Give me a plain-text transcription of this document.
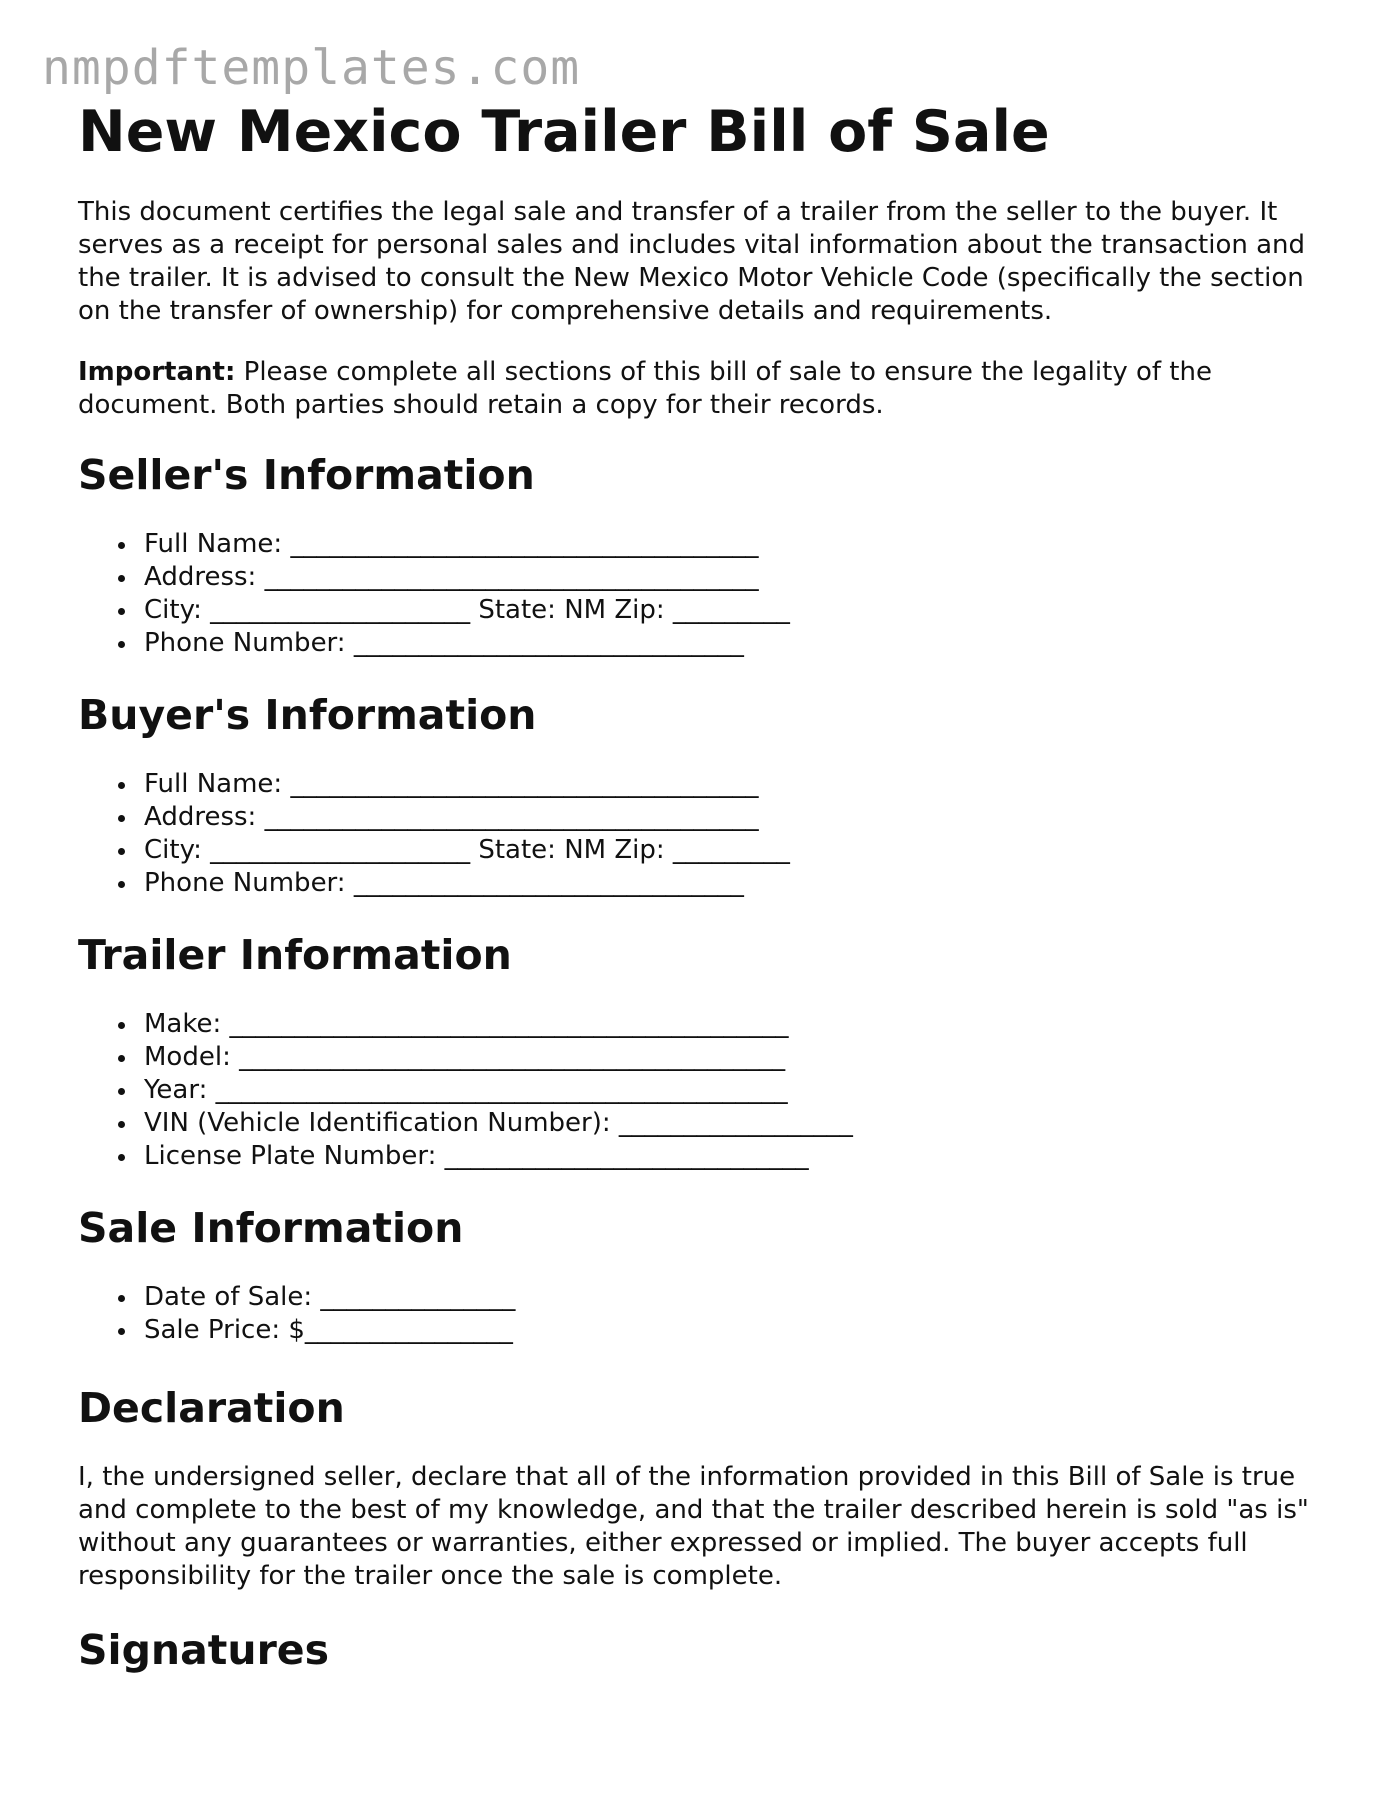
nmpdftemplates.com
New Mexico Trailer Bill of Sale

This document certifies the legal sale and transfer of a trailer from the seller to the buyer. It serves as a receipt for personal sales and includes vital information about the transaction and the trailer. It is advised to consult the New Mexico Motor Vehicle Code (specifically the section on the transfer of ownership) for comprehensive details and requirements.

Important: Please complete all sections of this bill of sale to ensure the legality of the document. Both parties should retain a copy for their records.

Seller's Information
Full Name: ____________________________________
Address: ______________________________________
City: ____________________ State: NM Zip: _________
Phone Number: ______________________________
Buyer's Information
Full Name: ____________________________________
Address: ______________________________________
City: ____________________ State: NM Zip: _________
Phone Number: ______________________________
Trailer Information
Make: ___________________________________________
Model: __________________________________________
Year: ____________________________________________
VIN (Vehicle Identification Number): __________________
License Plate Number: ____________________________
Sale Information
Date of Sale: _______________
Sale Price: $________________
Declaration

I, the undersigned seller, declare that all of the information provided in this Bill of Sale is true and complete to the best of my knowledge, and that the trailer described herein is sold "as is" without any guarantees or warranties, either expressed or implied. The buyer accepts full responsibility for the trailer once the sale is complete.

Signatures
